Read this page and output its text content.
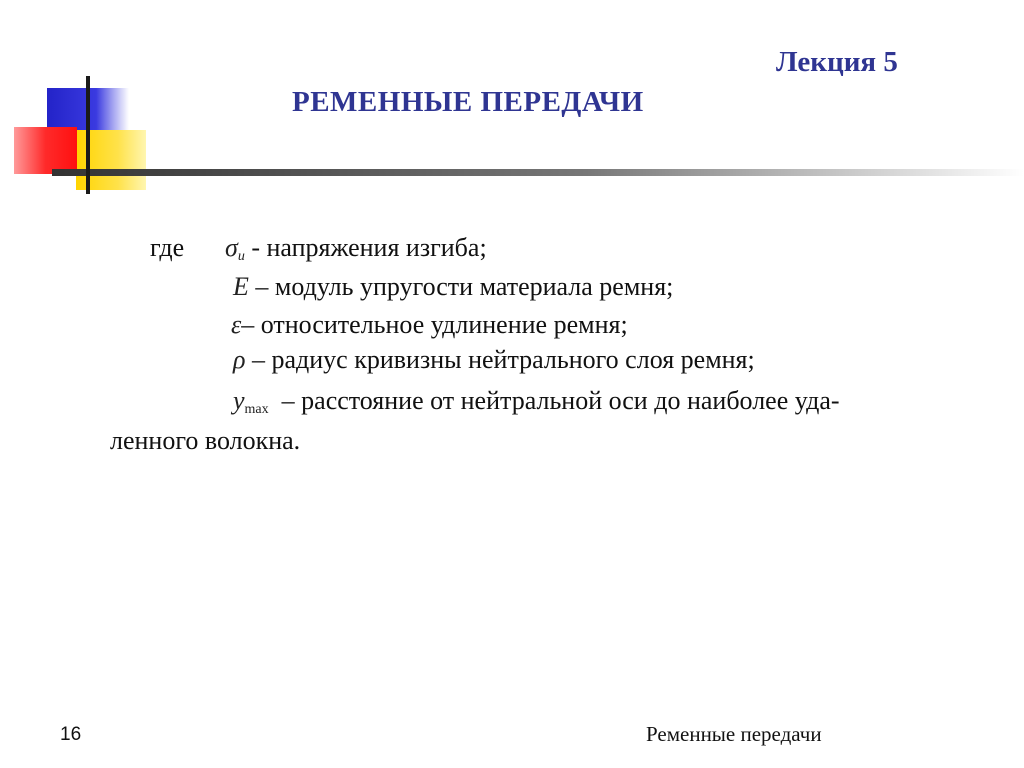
Лекция 5
РЕМЕННЫЕ ПЕРЕДАЧИ
где $\sigma_и$ - напряжения изгиба;
E – модуль упругости материала ремня;
ε– относительное удлинение ремня;
ρ – радиус кривизны нейтрального слоя ремня;
$y_{max}$ – расстояние от нейтральной оси до наиболее уда-
ленного волокна.
16	Ременные передачи
